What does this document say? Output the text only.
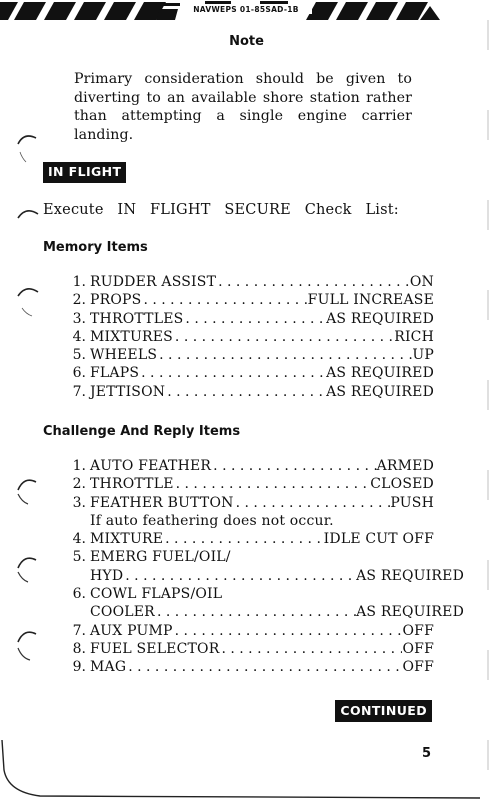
NAVWEPS 01-85SAD-1B
Note
Primary consideration should be given to diverting to an available shore station rather than attempting a single engine carrier landing.
IN FLIGHT
Execute IN FLIGHT SECURE Check List:
Memory Items
1. RUDDER ASSIST . . .	ON
2. PROPS . . .	FULL INCREASE
3. THROTTLES . . .	AS REQUIRED
4. MIXTURES . . .	RICH
5. WHEELS . . .	UP
6. FLAPS . . .	AS REQUIRED
7. JETTISON . . .	AS REQUIRED
Challenge And Reply Items
1. AUTO FEATHER . . .	ARMED
2. THROTTLE . . .	CLOSED
3. FEATHER BUTTON . . .	PUSH
If auto feathering does not occur.
4. MIXTURE . . .	IDLE CUT OFF
5. EMERG FUEL/OIL/
HYD . . .	AS REQUIRED
6. COWL FLAPS/OIL
COOLER . . .	AS REQUIRED
7. AUX PUMP . . .	OFF
8. FUEL SELECTOR . . .	OFF
9. MAG . . .	OFF
CONTINUED
5
